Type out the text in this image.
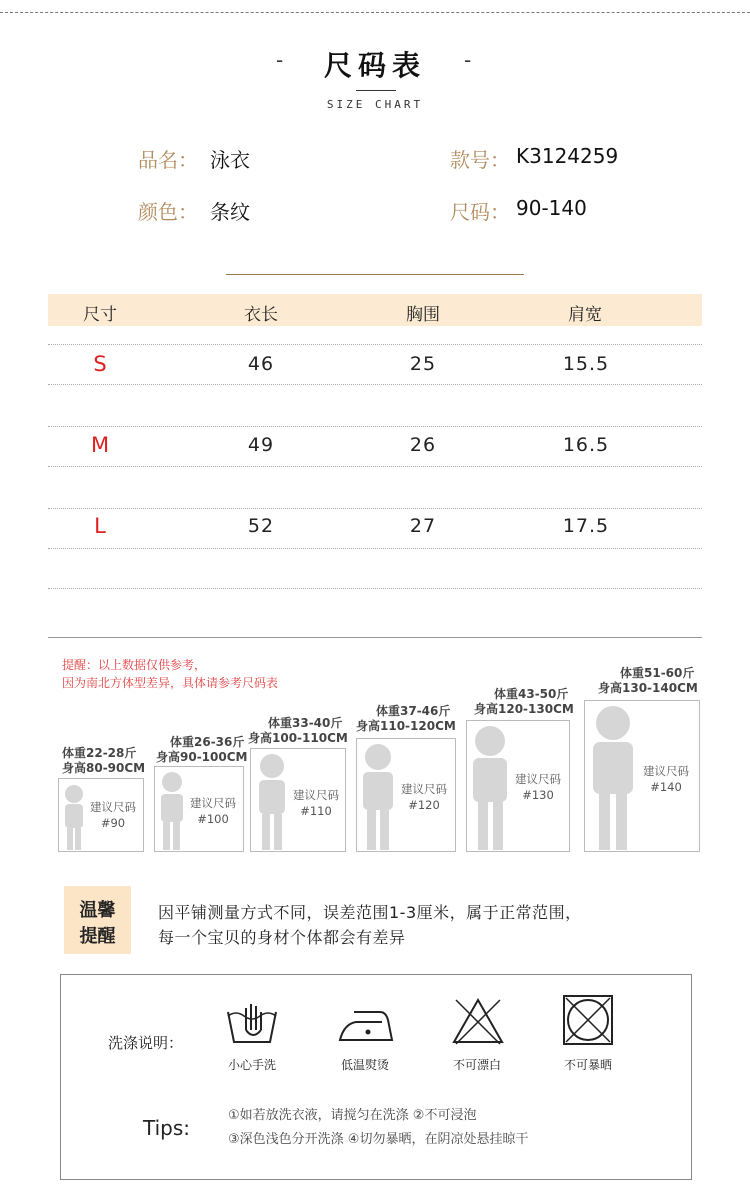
-	尺码表	-
SIZE CHART
品名： 泳衣	款号： K3124259
颜色： 条纹	尺码： 90-140
尺寸	衣长	胸围	肩宽
S	46	25	15.5
M	49	26	16.5
L	52	27	17.5
提醒：以上数据仅供参考，
因为南北方体型差异，具体请参考尺码表
体重22-28斤
身高80-90CM
建议尺码
#90
体重26-36斤
身高90-100CM
建议尺码
#100
体重33-40斤
身高100-110CM
建议尺码
#110
体重37-46斤
身高110-120CM
建议尺码
#120
体重43-50斤
身高120-130CM
建议尺码
#130
体重51-60斤
身高130-140CM
建议尺码
#140
温馨
提醒
因平铺测量方式不同，误差范围1-3厘米，属于正常范围，
每一个宝贝的身材个体都会有差异
洗涤说明：
小心手洗	低温熨烫	不可漂白	不可暴晒
Tips:
①如若放洗衣液，请搅匀在洗涤 ②不可浸泡
③深色浅色分开洗涤 ④切勿暴晒，在阴凉处悬挂晾干
